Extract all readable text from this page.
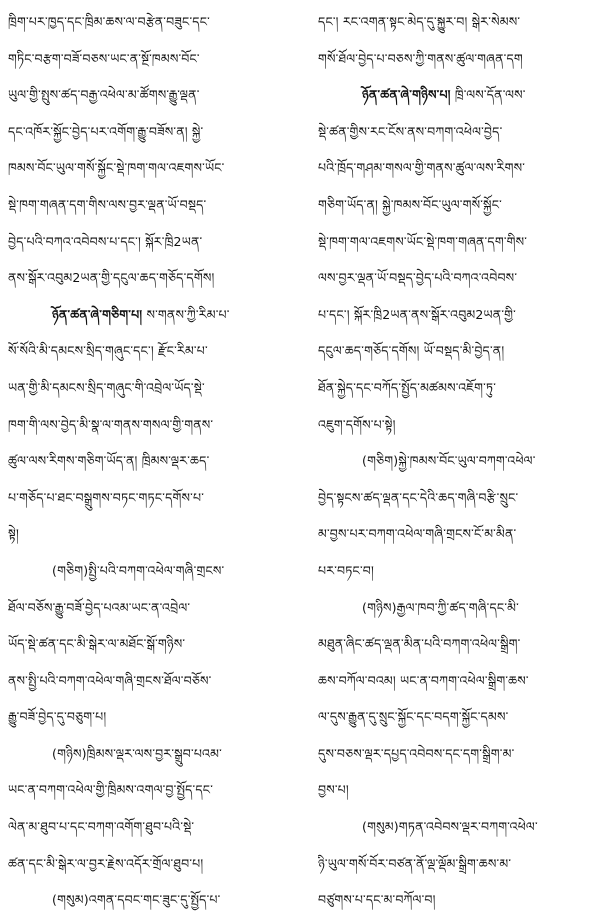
ཁྲིག་པར་ཁྱད་དང་ཁྲིམ་ཆས་ལ་བརྩེན་བཟུང་དང་
གཏིང་བརྩག་བཟོ་བཅས་ཡང་ན་སྔོ་ཁམས་བོང་
ཡུལ་གྱི་སྤུས་ཚད་བརྒྱ་འཕེལ་མ་ཚོགས་རྒྱུ་ལྡན་
དང་འཁོར་སྐྱོང་བྱེད་པར་འགོག་རྒྱུ་བཟོས་ན། སྐྱེ་
ཁམས་བོང་ཡུལ་གསོ་སྐྱོང་སྡེ་ཁག་གལ་འཇགས་ཡོང་
སྡེ་ཁག་གཞན་དག་གིས་ལས་བྱར་ལྡན་ཡོ་བསྡད་
བྱེད་པའི་བཀའ་འབེབས་པ་དང་། སྐོར་ཁྲི2ཡན་
ནས་སྒོར་འབུམ2ཡན་གྱི་དངུལ་ཆད་གཅོད་དགོས།
ཉོན་ཚན་ཞེ་གཅིག་པ། ས་གནས་ཀྱི་རིམ་པ་
སོ་སོའི་མི་དམངས་སྲིད་གཞུང་དང་། རྫོང་རིམ་པ་
ཡན་གྱི་མི་དམངས་སྲིད་གཞུང་གི་འབྲེལ་ཡོད་སྡེ་
ཁག་གི་ལས་བྱེད་མི་སྣ་ལ་གནས་གསལ་གྱི་གནས་
ཚུལ་ལས་རིགས་གཅིག་ཡོད་ན། ཁྲིམས་ལྡར་ཆད་
པ་གཅོད་པ་ཐང་བསྒྲུགས་བཏང་གཏང་དགོས་པ་
སྟེ།
(གཅིག)སྤྱི་པའི་བཀག་འཕེལ་གཞི་གྲངས་
ཐོལ་བཅོས་རྒྱུ་བཟོ་བྱེད་པའམ་ཡང་ན་འབྲེལ་
ཡོད་སྡེ་ཚན་དང་མི་སྒེར་ལ་མཐོང་སྒོ་གཉིས་
ནས་སྤྱི་པའི་བཀག་འཕེལ་གཞི་གྲངས་ཐོལ་བཅོས་
རྒྱུ་བཟོ་བྱེད་དུ་བཅུག་པ།
(གཉིས)ཁྲིམས་ལྡར་ལས་བྱར་སྒྲུབ་པའམ་
ཡང་ན་བཀག་འཕེལ་གྱི་ཁྲིམས་འགལ་བྱ་སྤྱོད་དང་
ལེན་མ་ཐུབ་པ་དང་བཀག་འགོག་ཐུབ་པའི་སྡེ་
ཚན་དང་མི་སྒེར་ལ་བྱར་རྗེས་འདོར་གྲོལ་ཐུབ་པ།
(གསུམ)འགན་དབང་གང་ཟུང་དུ་སྤྱོད་པ་
དང་། རང་འགན་སྟང་མེད་དུ་སྐྱུར་བ། སྒེར་སེམས་
གསོ་ཐོལ་བྱེད་པ་བཅས་ཀྱི་གནས་ཚུལ་གཞན་དག
ཉོན་ཚན་ཞེ་གཉིས་པ། ཁྲི་ལས་དོན་ལས་
སྡེ་ཚན་གྱིས་རང་ངོས་ནས་བཀག་འཕེལ་བྱེད་
པའི་ཁྲོད་གཤམ་གསལ་གྱི་གནས་ཚུལ་ལས་རིགས་
གཅིག་ཡོད་ན། སྐྱེ་ཁམས་བོང་ཡུལ་གསོ་སྐྱོང་
སྡེ་ཁག་གལ་འཇགས་ཡོང་སྡེ་ཁག་གཞན་དག་གིས་
ལས་བྱར་ལྡན་ཡོ་བསྡད་བྱེད་པའི་བཀའ་འབེབས་
པ་དང་། སྐོར་ཁྲི2ཡན་ནས་སྒོར་འབུམ2ཡན་གྱི་
དངུལ་ཆད་གཅོད་དགོས། ཡོ་བསྡད་མི་བྱེད་ན།
ཐོན་སྐྱེད་དང་བཀོད་སྤྱོད་མཚམས་འཇོག་ཏུ་
འཇུག་དགོས་པ་སྟེ།
(གཅིག)སྐྱེ་ཁམས་བོང་ཡུལ་བཀག་འཕེལ་
བྱེད་སྟངས་ཚད་ལྡན་དང་དེའི་ཆད་གཞི་བརྩི་སྲུང་
མ་བྱས་པར་བཀག་འཕེལ་གཞི་གྲངས་ངོ་མ་མིན་
པར་བཏང་བ།
(གཉིས)རྒྱལ་ཁབ་ཀྱི་ཚད་གཞི་དང་མི་
མཐུན་ཞིང་ཚད་ལྡན་མིན་པའི་བཀག་འཕེལ་སྒྲིག་
ཆས་བཀོལ་བའམ། ཡང་ན་བཀག་འཕེལ་སྒྲིག་ཆས་
ལ་དུས་རྒྱུན་དུ་སྲུང་སྐྱོང་དང་བདག་སྐྱོང་དམས་
དུས་བཅས་ལྡར་དཔྱད་འབེབས་དང་དག་སྒྲིག་མ་
བྱས་པ།
(གསུམ)གཏན་འབེབས་ལྡར་བཀག་འཕེལ་
ཉི་ཡུལ་གསོ་བོར་བཙན་ནོ་ལྡ་ལྡོམ་སྒྲིག་ཆས་མ་
བཙུགས་པ་དང་མ་བཀོལ་བ།
